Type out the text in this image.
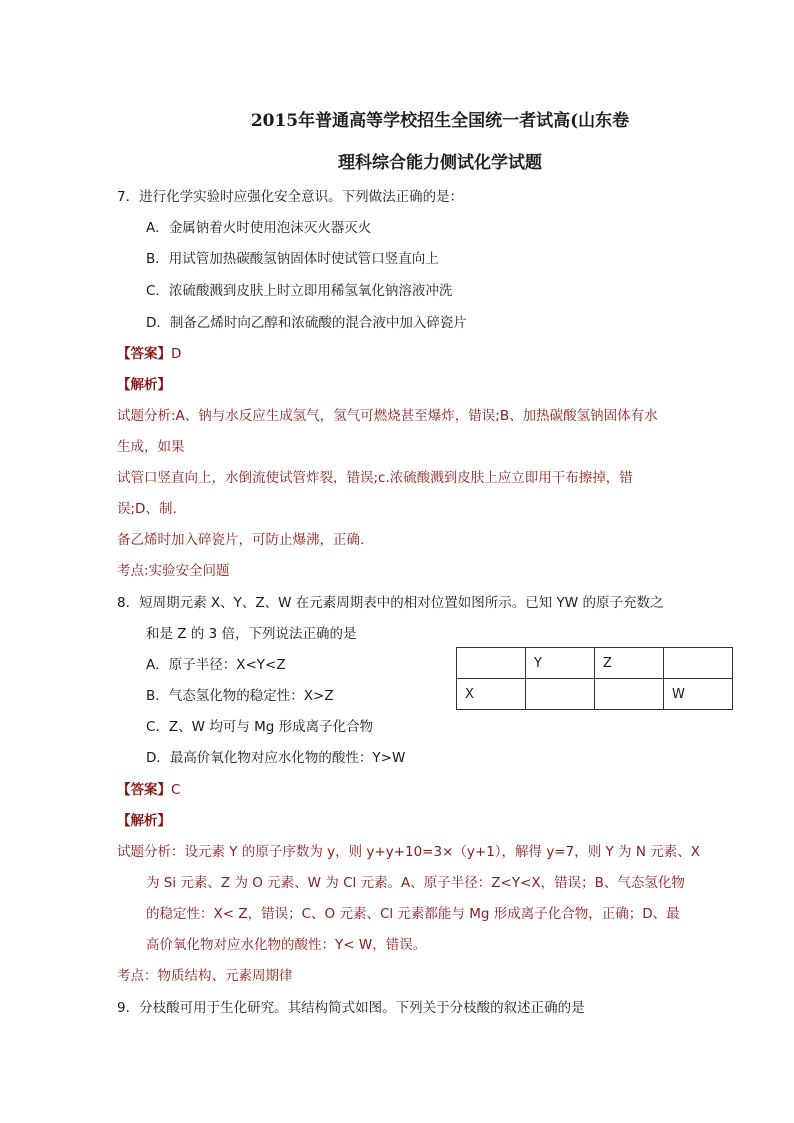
2015年普通高等学校招生全国统一者试高(山东卷
理科综合能力侧试化学试题
7．进行化学实验时应强化安全意识。下列做法正确的是：
A．金属钠着火时使用泡沫灭火器灭火
B．用试管加热碳酸氢钠固体时使试管口竖直向上
C．浓硫酸溅到皮肤上时立即用稀氢氧化钠溶液冲洗
D．制备乙烯时向乙醇和浓硫酸的混合液中加入碎瓷片
【答案】D
【解析】
试题分析:A、钠与水反应生成氢气，氢气可燃烧甚至爆炸，错误;B、加热碳酸氢钠固体有水
生成，如果
试管口竖直向上，水倒流使试管炸裂，错误;c.浓硫酸溅到皮肤上应立即用干布擦掉，错
误;D、制.
备乙烯时加入碎瓷片，可防止爆沸，正确.
考点:实验安全问题
8．短周期元素 X、Y、Z、W 在元素周期表中的相对位置如图所示。已知 YW 的原子充数之
和是 Z 的 3 倍，下列说法正确的是
A．原子半径：X<Y<Z
B．气态氢化物的稳定性：X>Z
C．Z、W 均可与 Mg 形成离子化合物
D．最高价氧化物对应水化物的酸性：Y>W
	Y	Z	
X			W
【答案】C
【解析】
试题分析：设元素 Y 的原子序数为 y，则 y+y+10=3×（y+1），解得 y=7，则 Y 为 N 元素、X
为 Si 元素、Z 为 O 元素、W 为 Cl 元素。A、原子半径：Z<Y<X，错误；B、气态氢化物
的稳定性：X< Z，错误；C、O 元素、Cl 元素都能与 Mg 形成离子化合物，正确；D、最
高价氧化物对应水化物的酸性：Y< W，错误。
考点：物质结构、元素周期律
9．分枝酸可用于生化研究。其结构简式如图。下列关于分枝酸的叙述正确的是
